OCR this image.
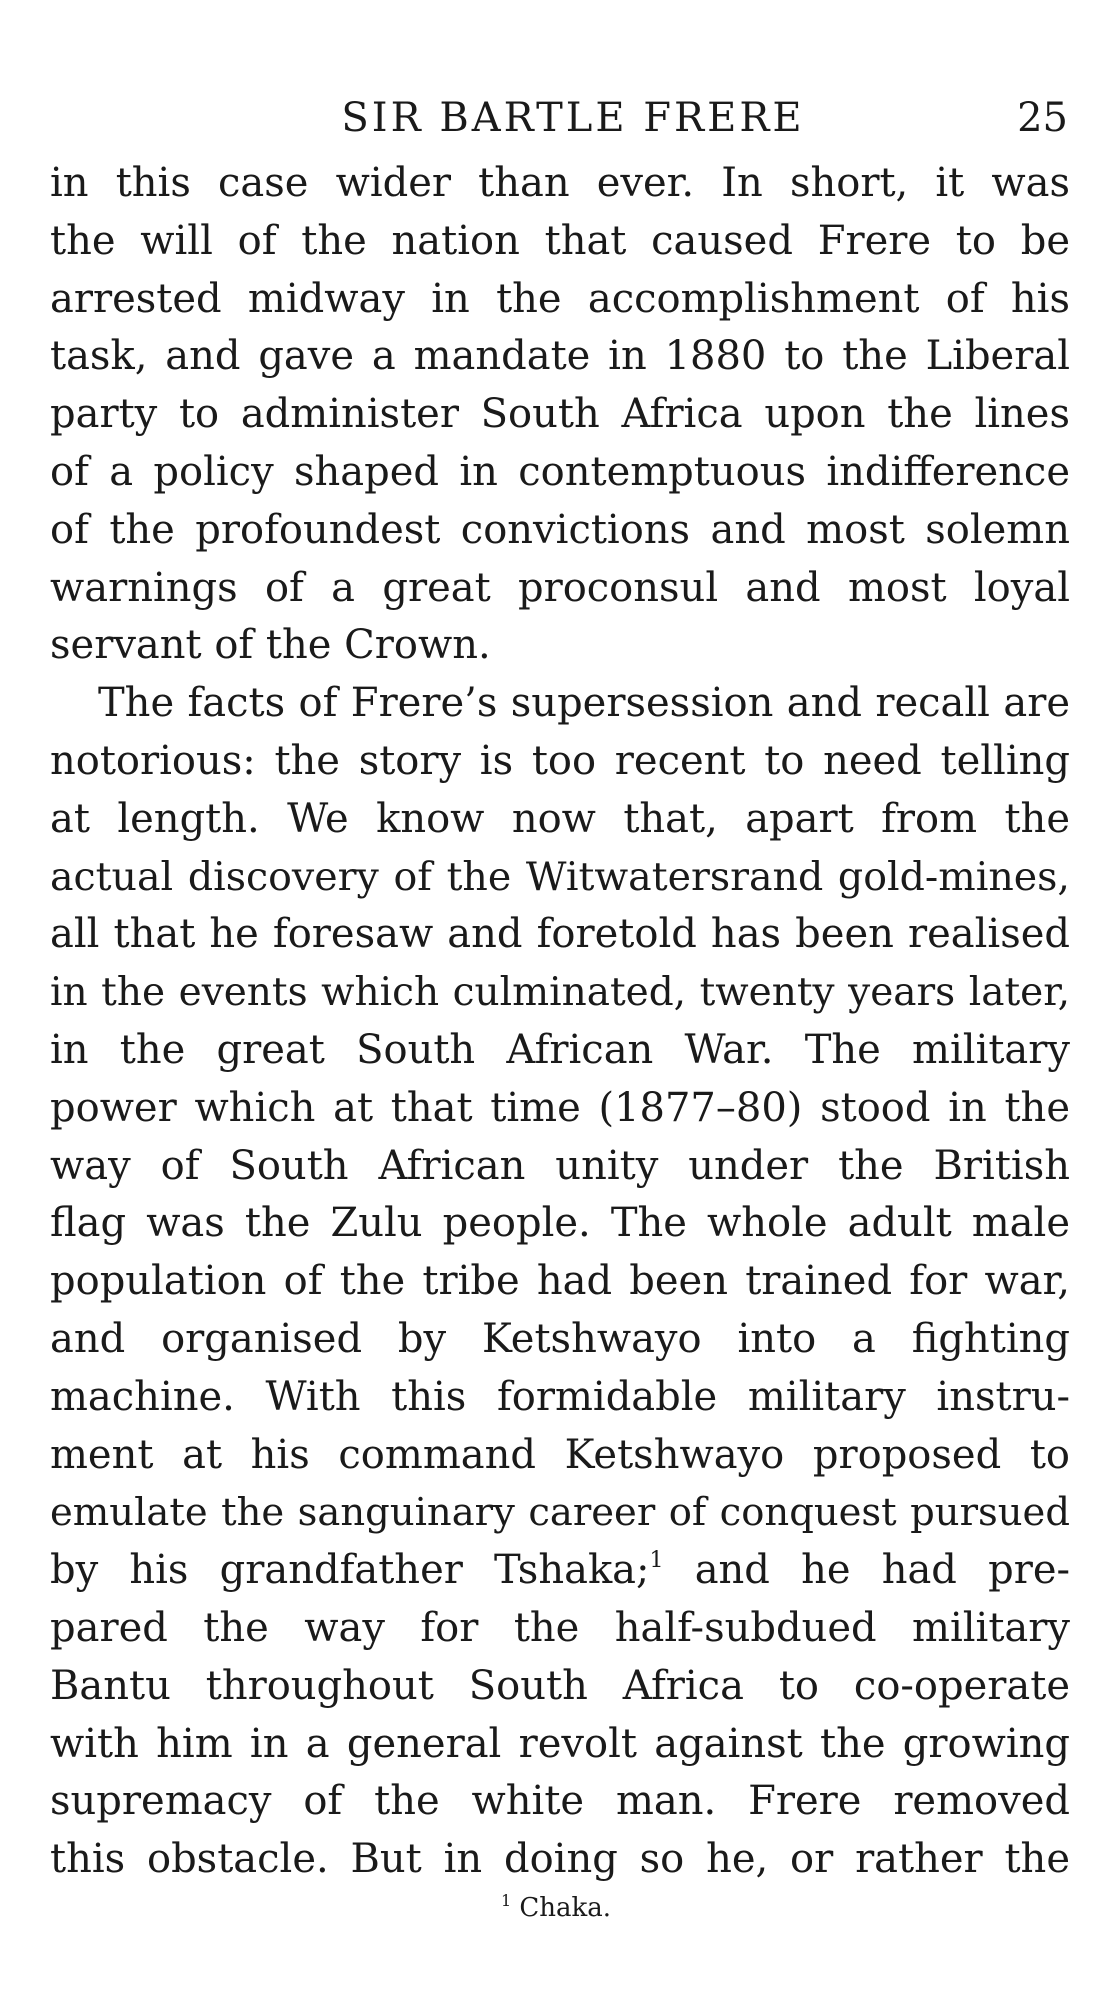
SIR BARTLE FRERE	25
in this case wider than ever. In short, it was
the will of the nation that caused Frere to be
arrested midway in the accomplishment of his
task, and gave a mandate in 1880 to the Liberal
party to administer South Africa upon the lines
of a policy shaped in contemptuous indifference
of the profoundest convictions and most solemn
warnings of a great proconsul and most loyal
servant of the Crown.
The facts of Frere’s supersession and recall are
notorious: the story is too recent to need telling
at length. We know now that, apart from the
actual discovery of the Witwatersrand gold-mines,
all that he foresaw and foretold has been realised
in the events which culminated, twenty years later,
in the great South African War. The military
power which at that time (1877–80) stood in the
way of South African unity under the British
flag was the Zulu people. The whole adult male
population of the tribe had been trained for war,
and organised by Ketshwayo into a fighting
machine. With this formidable military instru-
ment at his command Ketshwayo proposed to
emulate the sanguinary career of conquest pursued
by his grandfather Tshaka;$^1$ and he had pre-
pared the way for the half-subdued military
Bantu throughout South Africa to co-operate
with him in a general revolt against the growing
supremacy of the white man. Frere removed
this obstacle. But in doing so he, or rather the
$^1$ Chaka.
